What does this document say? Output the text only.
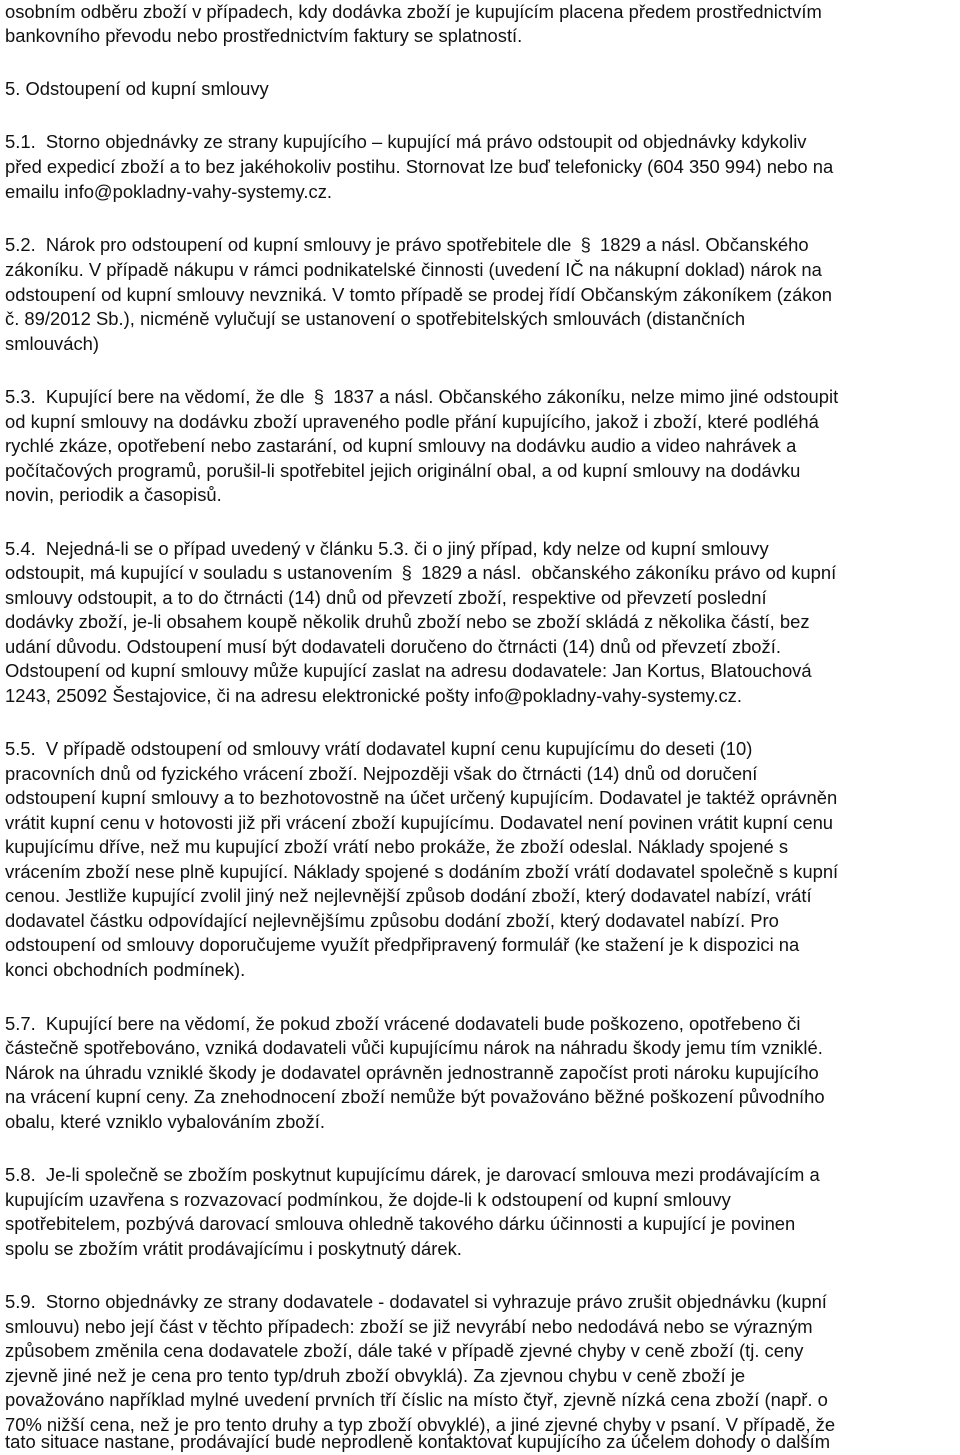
osobním odběru zboží v případech, kdy dodávka zboží je kupujícím placena předem prostřednictvím
bankovního převodu nebo prostřednictvím faktury se splatností.
5. Odstoupení od kupní smlouvy
5.1.  Storno objednávky ze strany kupujícího – kupující má právo odstoupit od objednávky kdykoliv
před expedicí zboží a to bez jakéhokoliv postihu. Stornovat lze buď telefonicky (604 350 994) nebo na
emailu info@pokladny-vahy-systemy.cz.
5.2.  Nárok pro odstoupení od kupní smlouvy je právo spotřebitele dle § 1829 a násl. Občanského
zákoníku. V případě nákupu v rámci podnikatelské činnosti (uvedení IČ na nákupní doklad) nárok na
odstoupení od kupní smlouvy nevzniká. V tomto případě se prodej řídí Občanským zákoníkem (zákon
č. 89/2012 Sb.), nicméně vylučují se ustanovení o spotřebitelských smlouvách (distančních
smlouvách)
5.3.  Kupující bere na vědomí, že dle § 1837 a násl. Občanského zákoníku, nelze mimo jiné odstoupit
od kupní smlouvy na dodávku zboží upraveného podle přání kupujícího, jakož i zboží, které podléhá
rychlé zkáze, opotřebení nebo zastarání, od kupní smlouvy na dodávku audio a video nahrávek a
počítačových programů, porušil-li spotřebitel jejich originální obal, a od kupní smlouvy na dodávku
novin, periodik a časopisů.
5.4.  Nejedná-li se o případ uvedený v článku 5.3. či o jiný případ, kdy nelze od kupní smlouvy
odstoupit, má kupující v souladu s ustanovením § 1829 a násl.  občanského zákoníku právo od kupní
smlouvy odstoupit, a to do čtrnácti (14) dnů od převzetí zboží, respektive od převzetí poslední
dodávky zboží, je-li obsahem koupě několik druhů zboží nebo se zboží skládá z několika částí, bez
udání důvodu. Odstoupení musí být dodavateli doručeno do čtrnácti (14) dnů od převzetí zboží.
Odstoupení od kupní smlouvy může kupující zaslat na adresu dodavatele: Jan Kortus, Blatouchová
1243, 25092 Šestajovice, či na adresu elektronické pošty info@pokladny-vahy-systemy.cz.
5.5.  V případě odstoupení od smlouvy vrátí dodavatel kupní cenu kupujícímu do deseti (10)
pracovních dnů od fyzického vrácení zboží. Nejpozději však do čtrnácti (14) dnů od doručení
odstoupení kupní smlouvy a to bezhotovostně na účet určený kupujícím. Dodavatel je taktéž oprávněn
vrátit kupní cenu v hotovosti již při vrácení zboží kupujícímu. Dodavatel není povinen vrátit kupní cenu
kupujícímu dříve, než mu kupující zboží vrátí nebo prokáže, že zboží odeslal. Náklady spojené s
vrácením zboží nese plně kupující. Náklady spojené s dodáním zboží vrátí dodavatel společně s kupní
cenou. Jestliže kupující zvolil jiný než nejlevnější způsob dodání zboží, který dodavatel nabízí, vrátí
dodavatel částku odpovídající nejlevnějšímu způsobu dodání zboží, který dodavatel nabízí. Pro
odstoupení od smlouvy doporučujeme využít předpřipravený formulář (ke stažení je k dispozici na
konci obchodních podmínek).
5.7.  Kupující bere na vědomí, že pokud zboží vrácené dodavateli bude poškozeno, opotřebeno či
částečně spotřebováno, vzniká dodavateli vůči kupujícímu nárok na náhradu škody jemu tím vzniklé.
Nárok na úhradu vzniklé škody je dodavatel oprávněn jednostranně započíst proti nároku kupujícího
na vrácení kupní ceny. Za znehodnocení zboží nemůže být považováno běžné poškození původního
obalu, které vzniklo vybalováním zboží.
5.8.  Je-li společně se zbožím poskytnut kupujícímu dárek, je darovací smlouva mezi prodávajícím a
kupujícím uzavřena s rozvazovací podmínkou, že dojde-li k odstoupení od kupní smlouvy
spotřebitelem, pozbývá darovací smlouva ohledně takového dárku účinnosti a kupující je povinen
spolu se zbožím vrátit prodávajícímu i poskytnutý dárek.
5.9.  Storno objednávky ze strany dodavatele - dodavatel si vyhrazuje právo zrušit objednávku (kupní
smlouvu) nebo její část v těchto případech: zboží se již nevyrábí nebo nedodává nebo se výrazným
způsobem změnila cena dodavatele zboží, dále také v případě zjevné chyby v ceně zboží (tj. ceny
zjevně jiné než je cena pro tento typ/druh zboží obvyklá). Za zjevnou chybu v ceně zboží je
považováno například mylné uvedení prvních tří číslic na místo čtyř, zjevně nízká cena zboží (např. o
70% nižší cena, než je pro tento druhy a typ zboží obvyklé), a jiné zjevné chyby v psaní. V případě, že
tato situace nastane, prodávající bude neprodleně kontaktovat kupujícího za účelem dohody o dalším
